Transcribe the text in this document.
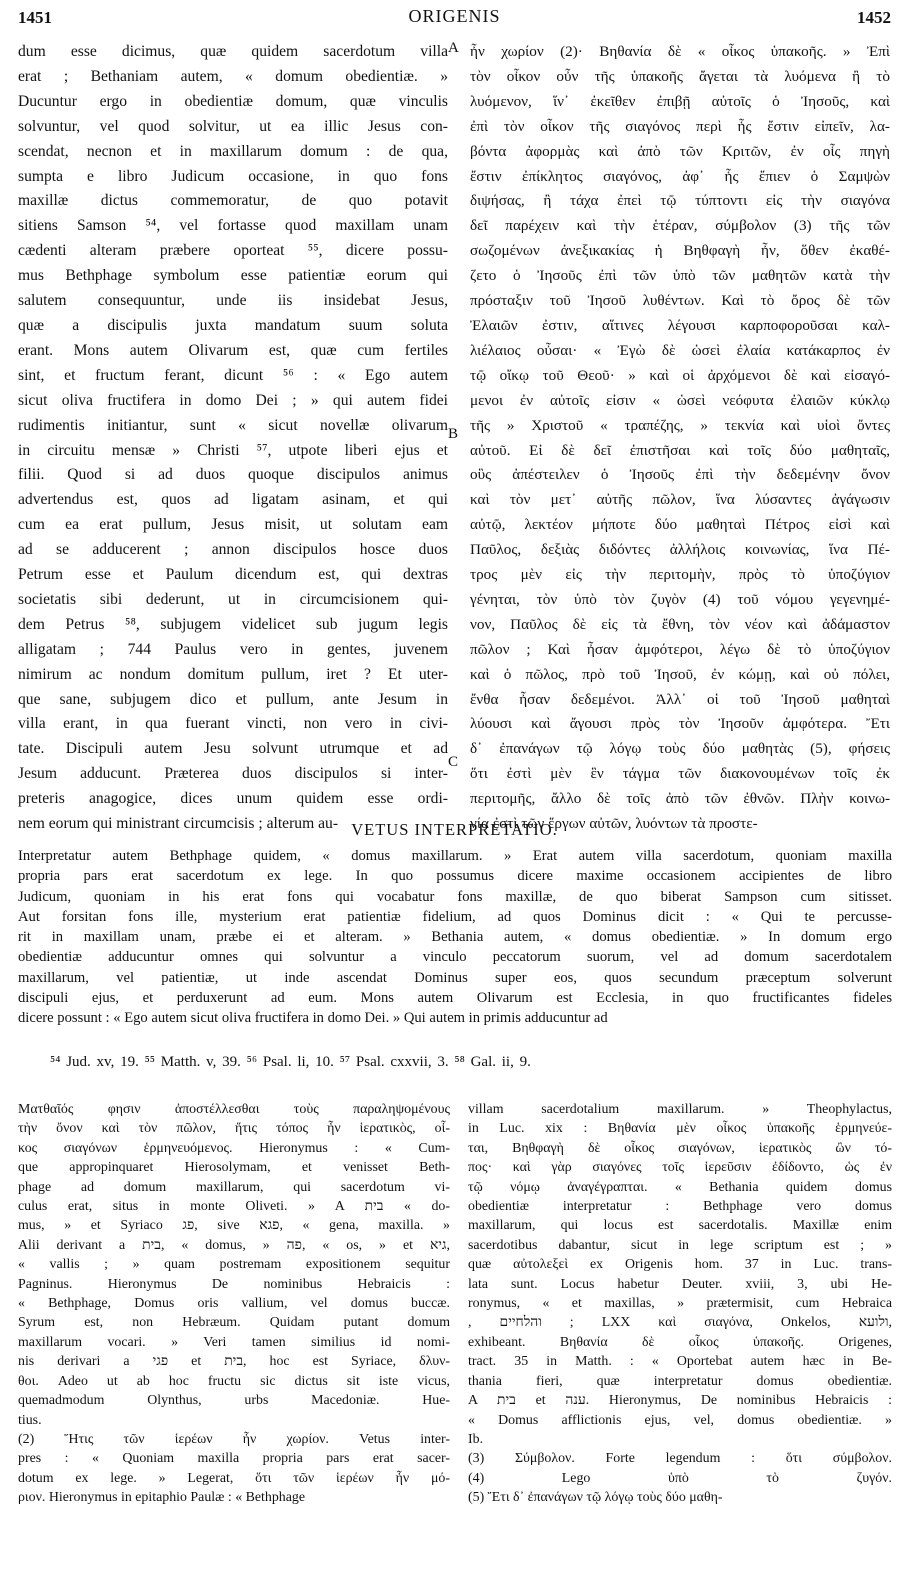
1451	ORIGENIS	1452
A
B
C

dum esse dicimus, quæ quidem sacerdotum villa

erat ; Bethaniam autem, « domum obedientiæ. »

Ducuntur ergo in obedientiæ domum, quæ vinculis

solvuntur, vel quod solvitur, ut ea illic Jesus con-

scendat, necnon et in maxillarum domum : de qua,

sumpta e libro Judicum occasione, in quo fons

maxillæ dictus commemoratur, de quo potavit

sitiens Samson ⁵⁴, vel fortasse quod maxillam unam

cædenti alteram præbere oporteat ⁵⁵, dicere possu-

mus Bethphage symbolum esse patientiæ eorum qui

salutem consequuntur, unde iis insidebat Jesus,

quæ a discipulis juxta mandatum suum soluta

erant. Mons autem Olivarum est, quæ cum fertiles

sint, et fructum ferant, dicunt ⁵⁶ : « Ego autem

sicut oliva fructifera in domo Dei ; » qui autem fidei

rudimentis initiantur, sunt « sicut novellæ olivarum

in circuitu mensæ » Christi ⁵⁷, utpote liberi ejus et

filii. Quod si ad duos quoque discipulos animus

advertendus est, quos ad ligatam asinam, et qui

cum ea erat pullum, Jesus misit, ut solutam eam

ad se adducerent ; annon discipulos hosce duos

Petrum esse et Paulum dicendum est, qui dextras

societatis sibi dederunt, ut in circumcisionem qui-

dem Petrus ⁵⁸, subjugem videlicet sub jugum legis

alligatam ; 744 Paulus vero in gentes, juvenem

nimirum ac nondum domitum pullum, iret ? Et uter-

que sane, subjugem dico et pullum, ante Jesum in

villa erant, in qua fuerant vincti, non vero in civi-

tate. Discipuli autem Jesu solvunt utrumque et ad

Jesum adducunt. Præterea duos discipulos si inter-

preteris anagogice, dices unum quidem esse ordi-

nem eorum qui ministrant circumcisis ; alterum au-

ἦν χωρίον (2)· Βηθανία δὲ « οἶκος ὑπακοῆς. » Ἐπὶ

τὸν οἶκον οὖν τῆς ὑπακοῆς ἄγεται τὰ λυόμενα ἢ τὸ

λυόμενον, ἵν᾽ ἐκεῖθεν ἐπιβῇ αὐτοῖς ὁ Ἰησοῦς, καὶ

ἐπὶ τὸν οἶκον τῆς σιαγόνος περὶ ἧς ἔστιν εἰπεῖν, λα-

βόντα ἀφορμὰς καὶ ἀπὸ τῶν Κριτῶν, ἐν οἷς πηγὴ

ἔστιν ἐπίκλητος σιαγόνος, ἀφ᾽ ἧς ἔπιεν ὁ Σαμψὼν

διψήσας, ἢ τάχα ἐπεὶ τῷ τύπτοντι εἰς τὴν σιαγόνα

δεῖ παρέχειν καὶ τὴν ἑτέραν, σύμβολον (3) τῆς τῶν

σωζομένων ἀνεξικακίας ἡ Βηθφαγὴ ἦν, ὅθεν ἐκαθέ-

ζετο ὁ Ἰησοῦς ἐπὶ τῶν ὑπὸ τῶν μαθητῶν κατὰ τὴν

πρόσταξιν τοῦ Ἰησοῦ λυθέντων. Καὶ τὸ ὄρος δὲ τῶν

Ἐλαιῶν ἐστιν, αἵτινες λέγουσι καρποφοροῦσαι καλ-

λιέλαιος οὖσαι· « Ἐγὼ δὲ ὡσεὶ ἐλαία κατάκαρπος ἐν

τῷ οἴκῳ τοῦ Θεοῦ· » καὶ οἱ ἀρχόμενοι δὲ καὶ εἰσαγό-

μενοι ἐν αὐτοῖς εἰσιν « ὡσεὶ νεόφυτα ἐλαιῶν κύκλῳ

τῆς » Χριστοῦ « τραπέζης, » τεκνία καὶ υἱοὶ ὄντες

αὐτοῦ. Εἰ δὲ δεῖ ἐπιστῆσαι καὶ τοῖς δύο μαθηταῖς,

οὓς ἀπέστειλεν ὁ Ἰησοῦς ἐπὶ τὴν δεδεμένην ὄνον

καὶ τὸν μετ᾽ αὐτῆς πῶλον, ἵνα λύσαντες ἀγάγωσιν

αὐτῷ, λεκτέον μήποτε δύο μαθηταὶ Πέτρος εἰσὶ καὶ

Παῦλος, δεξιὰς διδόντες ἀλλήλοις κοινωνίας, ἵνα Πέ-

τρος μὲν εἰς τὴν περιτομὴν, πρὸς τὸ ὑποζύγιον

γένηται, τὸν ὑπὸ τὸν ζυγὸν (4) τοῦ νόμου γεγενημέ-

νον, Παῦλος δὲ εἰς τὰ ἔθνη, τὸν νέον καὶ ἀδάμαστον

πῶλον ; Καὶ ἦσαν ἀμφότεροι, λέγω δὲ τὸ ὑποζύγιον

καὶ ὁ πῶλος, πρὸ τοῦ Ἰησοῦ, ἐν κώμῃ, καὶ οὐ πόλει,

ἔνθα ἦσαν δεδεμένοι. Ἀλλ᾽ οἱ τοῦ Ἰησοῦ μαθηταὶ

λύουσι καὶ ἄγουσι πρὸς τὸν Ἰησοῦν ἀμφότερα. Ἔτι

δ᾽ ἐπανάγων τῷ λόγῳ τοὺς δύο μαθητὰς (5), φήσεις

ὅτι ἐστὶ μὲν ἓν τάγμα τῶν διακονουμένων τοῖς ἐκ

περιτομῆς, ἄλλο δὲ τοῖς ἀπὸ τῶν ἐθνῶν. Πλὴν κοινω-

νία ἐστὶ τῶν ἔργων αὐτῶν, λυόντων τὰ προστε-

VETUS INTERPRETATIO.

Interpretatur autem Bethphage quidem, « domus maxillarum. » Erat autem villa sacerdotum, quoniam maxilla

propria pars erat sacerdotum ex lege. In quo possumus dicere maxime occasionem accipientes de libro

Judicum, quoniam in his erat fons qui vocabatur fons maxillæ, de quo biberat Sampson cum sitisset.

Aut forsitan fons ille, mysterium erat patientiæ fidelium, ad quos Dominus dicit : « Qui te percusse-

rit in maxillam unam, præbe ei et alteram. » Bethania autem, « domus obedientiæ. » In domum ergo

obedientiæ adducuntur omnes qui solvuntur a vinculo peccatorum suorum, vel ad domum sacerdotalem

maxillarum, vel patientiæ, ut inde ascendat Dominus super eos, quos secundum præceptum solverunt

discipuli ejus, et perduxerunt ad eum. Mons autem Olivarum est Ecclesia, in quo fructificantes fideles

dicere possunt : « Ego autem sicut oliva fructifera in domo Dei. » Qui autem in primis adducuntur ad

⁵⁴ Jud. xv, 19. ⁵⁵ Matth. v, 39. ⁵⁶ Psal. li, 10. ⁵⁷ Psal. cxxvii, 3. ⁵⁸ Gal. ii, 9.

Ματθαῖός φησιν ἀποστέλλεσθαι τοὺς παραληψομένους

τὴν ὄνον καὶ τὸν πῶλον, ἥτις τόπος ἦν ἱερατικὸς, οἶ-

κος σιαγόνων ἑρμηνευόμενος. Hieronymus : « Cum-

que appropinquaret Hierosolymam, et venisset Beth-

phage ad domum maxillarum, qui sacerdotum vi-

culus erat, situs in monte Oliveti. » A בית « do-

mus, » et Syriaco פג, sive פגא, « gena, maxilla. »

Alii derivant a בית, « domus, » פה, « os, » et גיא,

« vallis ; » quam postremam expositionem sequitur

Pagninus. Hieronymus De nominibus Hebraicis :

« Bethphage, Domus oris vallium, vel domus buccæ.

Syrum est, non Hebræum. Quidam putant domum

maxillarum vocari. » Veri tamen similius id nomi-

nis derivari a פגי et בית, hoc est Syriace, δλυν-

θοι. Adeo ut ab hoc fructu sic dictus sit iste vicus,

quemadmodum Olynthus, urbs Macedoniæ. Hue-

tius.

(2) Ἥτις τῶν ἱερέων ἦν χωρίον. Vetus inter-

pres : « Quoniam maxilla propria pars erat sacer-

dotum ex lege. » Legerat, ὅτι τῶν ἱερέων ἦν μό-

ριον. Hieronymus in epitaphio Paulæ : « Bethphage

villam sacerdotalium maxillarum. » Theophylactus,

in Luc. xix : Βηθανία μὲν οἶκος ὑπακοῆς ἑρμηνεύε-

ται, Βηθφαγὴ δὲ οἶκος σιαγόνων, ἱερατικὸς ὢν τό-

πος· καὶ γὰρ σιαγόνες τοῖς ἱερεῦσιν ἐδίδοντο, ὡς ἐν

τῷ νόμῳ ἀναγέγραπται. « Bethania quidem domus

obedientiæ interpretatur : Bethphage vero domus

maxillarum, qui locus est sacerdotalis. Maxillæ enim

sacerdotibus dabantur, sicut in lege scriptum est ; »

quæ αὐτολεξεὶ ex Origenis hom. 37 in Luc. trans-

lata sunt. Locus habetur Deuter. xviii, 3, ubi He-

ronymus, « et maxillas, » prætermisit, cum Hebraica

, והלחיים ; LXX καὶ σιαγόνα, Onkelos, ולועא,

exhibeant. Βηθανία δὲ οἶκος ὑπακοῆς. Origenes,

tract. 35 in Matth. : « Oportebat autem hæc in Be-

thania fieri, quæ interpretatur domus obedientiæ.

A בית et ענה. Hieronymus, De nominibus Hebraicis :

« Domus afflictionis ejus, vel, domus obedientiæ. »

Ib.

(3) Σύμβολον. Forte legendum : ὅτι σύμβολον.

(4) Lego ὑπὸ τὸ ζυγόν.

(5) Ἔτι δ᾽ ἐπανάγων τῷ λόγῳ τοὺς δύο μαθη-
